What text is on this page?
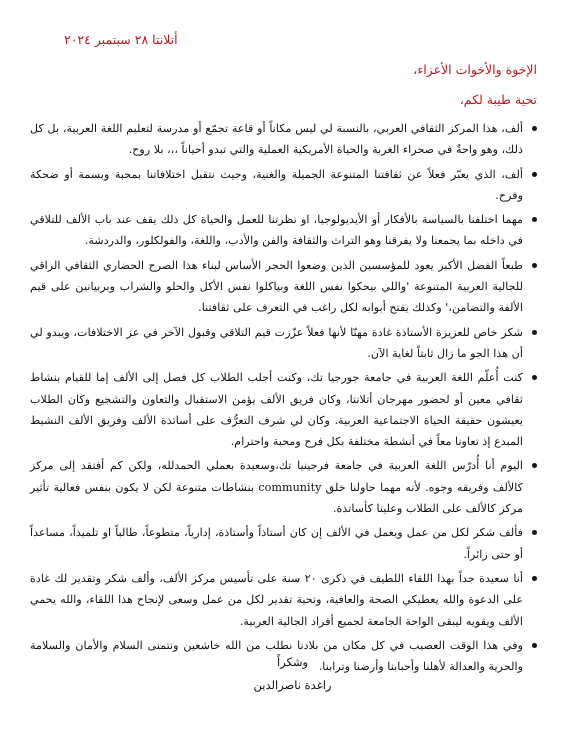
أتلانتا ٢٨ سبتمبر ٢٠٢٤
الإخوة والأخوات الأعزاء،
تحية طيبة لكم،
ألف، هذا المركز الثقافي العربي، بالنسبة لي ليس مكاناً أو قاعة تجمّع أو مدرسة لتعليم اللغة العربية، بل كل ذلك، وهو واحةٌ في صحراء الغربة والحياة الأمريكية العملية والتي تبدو أحياناً ،،، بلا روح.
ألف، الذي يعبّر فعلاً عن ثقافتنا المتنوعة الجميلة والغنية، وحيث نتقبل اختلافاتنا بمحبة وبسمة أو ضحكة وفرح.
مهما اختلفنا بالسياسة بالأفكار أو الأيديولوجيا، او نظرتنا للعمل والحياة كل ذلك يقف عند باب الألف للتلاقي في داخله بما يجمعنا ولا يفرقنا وهو التراث والثقافة والفن والأدب، واللغة، والفولكلور، والدردشة.
طبعاً الفضل الأكبر يعود للمؤسسين الذين وضعوا الحجر الأساس لبناء هذا الصرح الحضاري الثقافي الراقي للجالية العربية المتنوعة 'واللي بيحكوا نفس اللغة وبياكلوا نفس الأكل والحلو والشراب وبربيانين على قيم الألفة والتضامن،' وكذلك يفتح أبوابه لكل راغب في التعرف على ثقافتنا.
شكر خاص للعزيزة الأستاذة غادة مهنّا لأنها فعلاً عزّزت قيم التلاقي وقبول الآخر في عز الاختلافات، ويبدو لي أن هذا الجو ما زال ثابتاً لغاية الآن.
كنت أُعلّم اللغة العربية في جامعة جورجيا تك، وكنت أجلب الطلاب كل فصل إلى الألف إما للقيام بنشاط ثقافي معين أو لحضور مهرجان أتلانتا، وكان فريق الألف يؤمن الاستقبال والتعاون والتشجيع وكان الطلاب يعيشون حقيقة الحياة الاجتماعية العربية. وكان لي شرف التعرُّف على أساتذة الألف وفريق الألف النشيط المبدع إذ تعاونا معاً في أنشطة مختلفة بكل فرح ومحبة واحترام.
اليوم أنا أُدرّس اللغة العربية في جامعة فرجينيا تك،وسعيدة بعملي الحمدلله، ولكن كم أفتقد إلى مركز كالألف وفريقه وجوه. لأنه مهما حاولنا خلق community بنشاطات متنوعة لكن لا يكون بنفس فعالية تأثير مركز كالألف على الطلاب وعلينا كأساتذة.
فألف شكر لكل من عمل ويعمل في الألف إن كان أستاذاً وأستاذة، إدارياً، متطوعاً، طالباً او تلميذاً، مساعداً أو حتى زائراً.
أنا سعيدة جداً بهذا اللقاء اللطيف في ذكرى ٢٠ سنة على تأسيس مركز الألف، وألف شكر وتقدير لك غادة على الدعوة والله يعطيكي الصحة والعافية، وتحية تقدير لكل من عمل وسعى لإنجاح هذا اللقاء، والله يحمي الألف ويقويه ليبقى الواحة الجامعة لجميع أفراد الجالية العربية.
وفي هذا الوقت العصيب في كل مكان من بلادنا نطلب من الله خاشعين ونتمنى السلام والأمان والسلامة والحرية والعدالة لأهلنا وأحبابنا وأرضنا وترابنا.
وشكراً
راغدة ناصرالدين
